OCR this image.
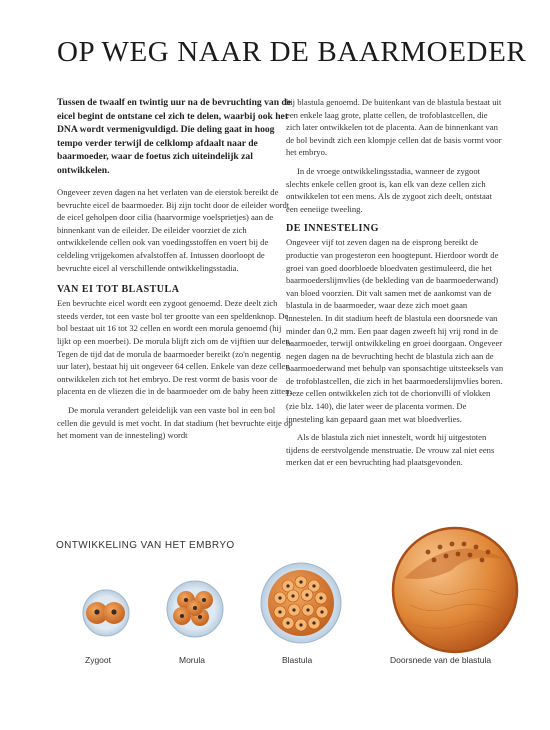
OP WEG NAAR DE BAARMOEDER

Tussen de twaalf en twintig uur na de bevruchting van de eicel begint de ontstane cel zich te delen, waarbij ook het DNA wordt vermenigvuldigd. Die deling gaat in hoog tempo verder terwijl de celklomp afdaalt naar de baarmoeder, waar de foetus zich uiteindelijk zal ontwikkelen.

Ongeveer zeven dagen na het verlaten van de eierstok bereikt de bevruchte eicel de baarmoeder. Bij zijn tocht door de eileider wordt de eicel geholpen door cilia (haarvormige voelsprietjes) aan de binnenkant van de eileider. De eileider voorziet de zich ontwikkelende cellen ook van voedingsstoffen en voert bij de celdeling vrijgekomen afvalstoffen af. Intussen doorloopt de bevruchte eicel al verschillende ontwikkelingsstadia.

VAN EI TOT BLASTULA

Een bevruchte eicel wordt een zygoot genoemd. Deze deelt zich steeds verder, tot een vaste bol ter grootte van een speldenknop. De bol bestaat uit 16 tot 32 cellen en wordt een morula genoemd (hij lijkt op een moerbei). De morula blijft zich om de vijftien uur delen. Tegen de tijd dat de morula de baarmoeder bereikt (zo'n negentig uur later), bestaat hij uit ongeveer 64 cellen. Enkele van deze cellen ontwikkelen zich tot het embryo. De rest vormt de basis voor de placenta en de vliezen die in de baarmoeder om de baby heen zitten.

De morula verandert geleidelijk van een vaste bol in een bol cellen die gevuld is met vocht. In dat stadium (het bevruchte eitje op het moment van de innesteling) wordt

hij blastula genoemd. De buitenkant van de blastula bestaat uit een enkele laag grote, platte cellen, de trofoblastcellen, die zich later ontwikkelen tot de placenta. Aan de binnenkant van de bol bevindt zich een klompje cellen dat de basis vormt voor het embryo.

In de vroege ontwikkelingsstadia, wanneer de zygoot slechts enkele cellen groot is, kan elk van deze cellen zich ontwikkelen tot een mens. Als de zygoot zich deelt, ontstaat een eeneiige tweeling.

DE INNESTELING

Ongeveer vijf tot zeven dagen na de eisprong bereikt de productie van progesteron een hoogtepunt. Hierdoor wordt de groei van goed doorbloede bloedvaten gestimuleerd, die het baarmoederslijmvlies (de bekleding van de baarmoederwand) van bloed voorzien. Dit valt samen met de aankomst van de blastula in de baarmoeder, waar deze zich moet gaan innestelen. In dit stadium heeft de blastula een doorsnede van minder dan 0,2 mm. Een paar dagen zweeft hij vrij rond in de baarmoeder, terwijl ontwikkeling en groei doorgaan. Ongeveer negen dagen na de bevruchting hecht de blastula zich aan de baarmoederwand met behulp van sponsachtige uitsteeksels van de trofoblastcellen, die zich in het baarmoederslijmvlies boren. Deze cellen ontwikkelen zich tot de chorionvilli of vlokken (zie blz. 140), die later weer de placenta vormen. De innesteling kan gepaard gaan met wat bloedverlies.

Als de blastula zich niet innestelt, wordt hij uitgestoten tijdens de eerstvolgende menstruatie. De vrouw zal niet eens merken dat er een bevruchting had plaatsgevonden.

ONTWIKKELING VAN HET EMBRYO
Zygoot	Morula	Blastula	Doorsnede van de blastula
